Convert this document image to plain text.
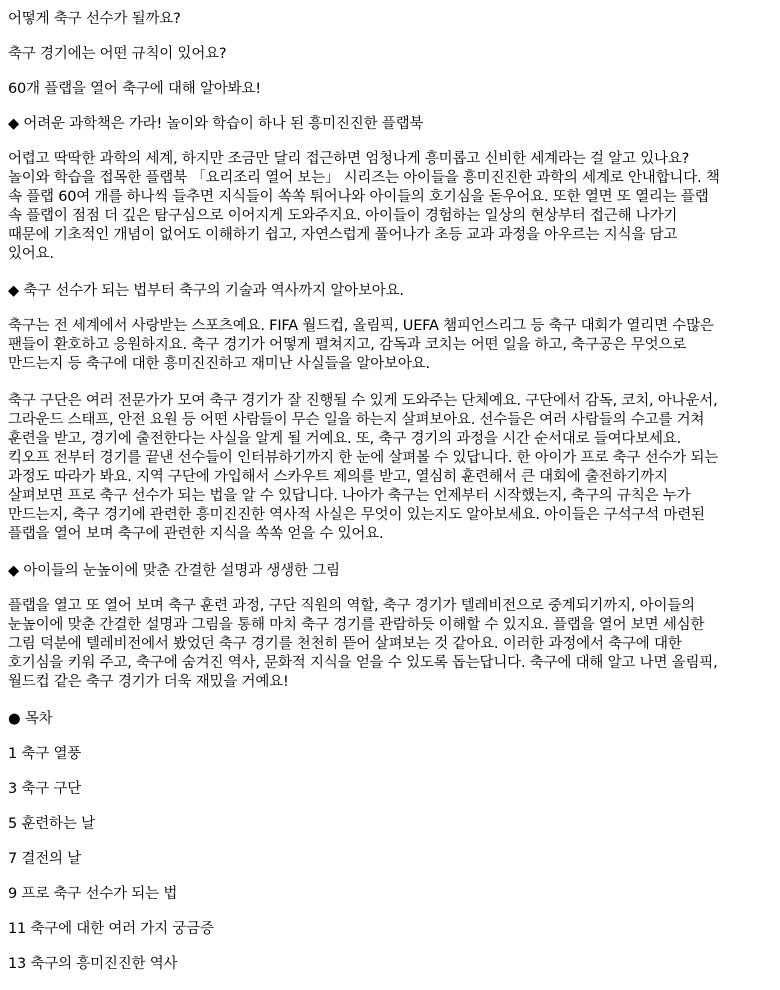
어떻게 축구 선수가 될까요?
축구 경기에는 어떤 규칙이 있어요?
60개 플랩을 열어 축구에 대해 알아봐요!
◆ 어려운 과학책은 가라! 놀이와 학습이 하나 된 흥미진진한 플랩북
어렵고 딱딱한 과학의 세계, 하지만 조금만 달리 접근하면 엄청나게 흥미롭고 신비한 세계라는 걸 알고 있나요?
놀이와 학습을 접목한 플랩북 「요리조리 열어 보는」 시리즈는 아이들을 흥미진진한 과학의 세계로 안내합니다. 책
속 플랩 60여 개를 하나씩 들추면 지식들이 쏙쏙 튀어나와 아이들의 호기심을 돋우어요. 또한 열면 또 열리는 플랩
속 플랩이 점점 더 깊은 탐구심으로 이어지게 도와주지요. 아이들이 경험하는 일상의 현상부터 접근해 나가기
때문에 기초적인 개념이 없어도 이해하기 쉽고, 자연스럽게 풀어나가 초등 교과 과정을 아우르는 지식을 담고
있어요.
◆ 축구 선수가 되는 법부터 축구의 기술과 역사까지 알아보아요.
축구는 전 세계에서 사랑받는 스포츠예요. FIFA 월드컵, 올림픽, UEFA 챔피언스리그 등 축구 대회가 열리면 수많은
팬들이 환호하고 응원하지요. 축구 경기가 어떻게 펼쳐지고, 감독과 코치는 어떤 일을 하고, 축구공은 무엇으로
만드는지 등 축구에 대한 흥미진진하고 재미난 사실들을 알아보아요.
축구 구단은 여러 전문가가 모여 축구 경기가 잘 진행될 수 있게 도와주는 단체예요. 구단에서 감독, 코치, 아나운서,
그라운드 스태프, 안전 요원 등 어떤 사람들이 무슨 일을 하는지 살펴보아요. 선수들은 여러 사람들의 수고를 거쳐
훈련을 받고, 경기에 출전한다는 사실을 알게 될 거예요. 또, 축구 경기의 과정을 시간 순서대로 들여다보세요.
킥오프 전부터 경기를 끝낸 선수들이 인터뷰하기까지 한 눈에 살펴볼 수 있답니다. 한 아이가 프로 축구 선수가 되는
과정도 따라가 봐요. 지역 구단에 가입해서 스카우트 제의를 받고, 열심히 훈련해서 큰 대회에 출전하기까지
살펴보면 프로 축구 선수가 되는 법을 알 수 있답니다. 나아가 축구는 언제부터 시작했는지, 축구의 규칙은 누가
만드는지, 축구 경기에 관련한 흥미진진한 역사적 사실은 무엇이 있는지도 알아보세요. 아이들은 구석구석 마련된
플랩을 열어 보며 축구에 관련한 지식을 쏙쏙 얻을 수 있어요.
◆ 아이들의 눈높이에 맞춘 간결한 설명과 생생한 그림
플랩을 열고 또 열어 보며 축구 훈련 과정, 구단 직원의 역할, 축구 경기가 텔레비전으로 중계되기까지, 아이들의
눈높이에 맞춘 간결한 설명과 그림을 통해 마치 축구 경기를 관람하듯 이해할 수 있지요. 플랩을 열어 보면 세심한
그림 덕분에 텔레비전에서 봤었던 축구 경기를 천천히 뜯어 살펴보는 것 같아요. 이러한 과정에서 축구에 대한
호기심을 키워 주고, 축구에 숨겨진 역사, 문화적 지식을 얻을 수 있도록 돕는답니다. 축구에 대해 알고 나면 올림픽,
월드컵 같은 축구 경기가 더욱 재밌을 거예요!
● 목차
1 축구 열풍
3 축구 구단
5 훈련하는 날
7 결전의 날
9 프로 축구 선수가 되는 법
11 축구에 대한 여러 가지 궁금증
13 축구의 흥미진진한 역사
